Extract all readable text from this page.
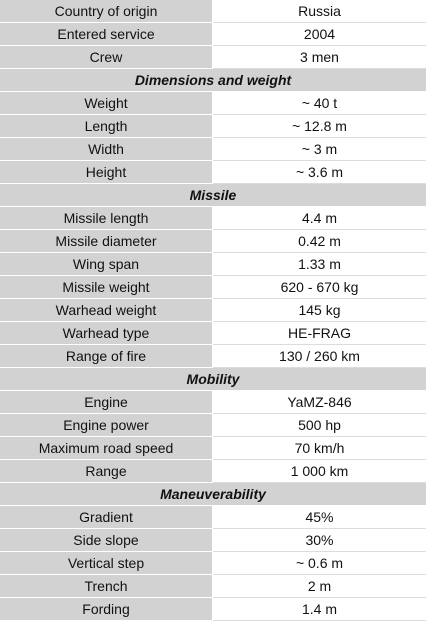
Country of origin	Russia
Entered service	2004
Crew	3 men
Dimensions and weight	
Weight	~ 40 t
Length	~ 12.8 m
Width	~ 3 m
Height	~ 3.6 m
Missile	
Missile length	4.4 m
Missile diameter	0.42 m
Wing span	1.33 m
Missile weight	620 - 670 kg
Warhead weight	145 kg
Warhead type	HE-FRAG
Range of fire	130 / 260 km
Mobility	
Engine	YaMZ-846
Engine power	500 hp
Maximum road speed	70 km/h
Range	1 000 km
Maneuverability	
Gradient	45%
Side slope	30%
Vertical step	~ 0.6 m
Trench	2 m
Fording	1.4 m
